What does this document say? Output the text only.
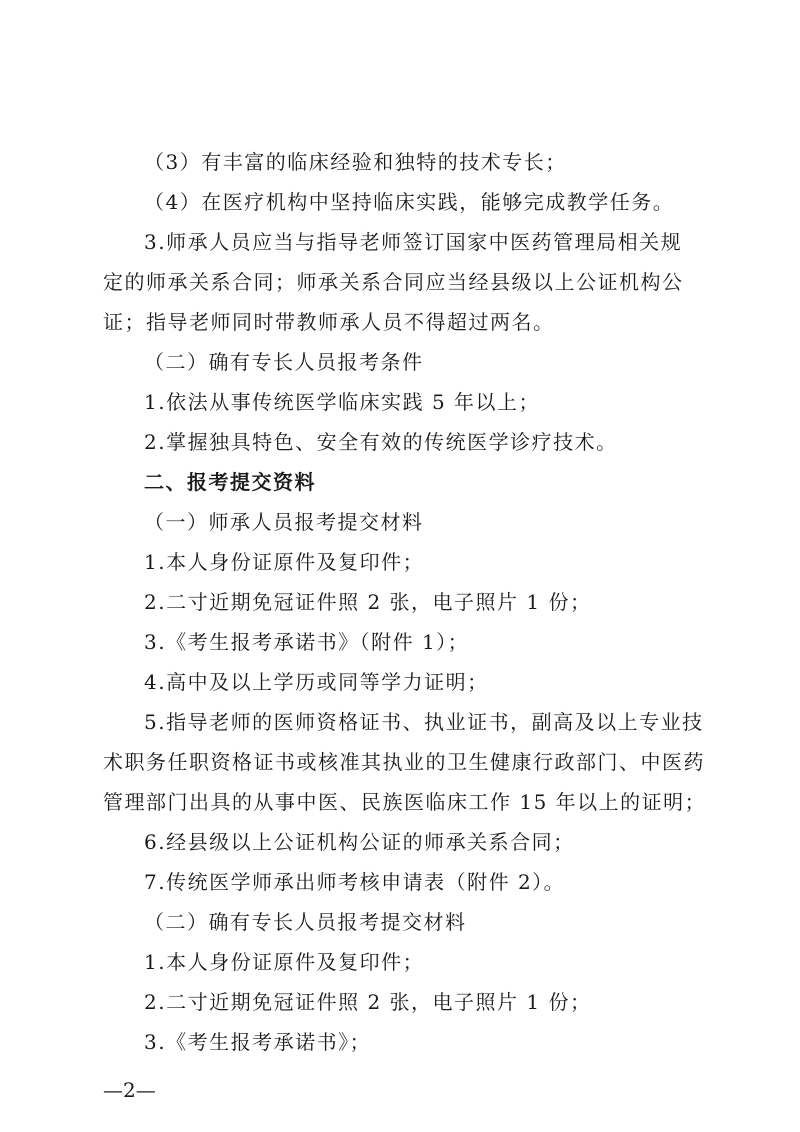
（3）有丰富的临床经验和独特的技术专长；
（4）在医疗机构中坚持临床实践，能够完成教学任务。
3.师承人员应当与指导老师签订国家中医药管理局相关规
定的师承关系合同；师承关系合同应当经县级以上公证机构公
证；指导老师同时带教师承人员不得超过两名。
（二）确有专长人员报考条件
1.依法从事传统医学临床实践 5 年以上；
2.掌握独具特色、安全有效的传统医学诊疗技术。
二、报考提交资料
（一）师承人员报考提交材料
1.本人身份证原件及复印件；
2.二寸近期免冠证件照 2 张，电子照片 1 份；
3.《考生报考承诺书》（附件 1）；
4.高中及以上学历或同等学力证明；
5.指导老师的医师资格证书、执业证书，副高及以上专业技
术职务任职资格证书或核准其执业的卫生健康行政部门、中医药
管理部门出具的从事中医、民族医临床工作 15 年以上的证明；
6.经县级以上公证机构公证的师承关系合同；
7.传统医学师承出师考核申请表（附件 2）。
（二）确有专长人员报考提交材料
1.本人身份证原件及复印件；
2.二寸近期免冠证件照 2 张，电子照片 1 份；
3.《考生报考承诺书》；
—2—
